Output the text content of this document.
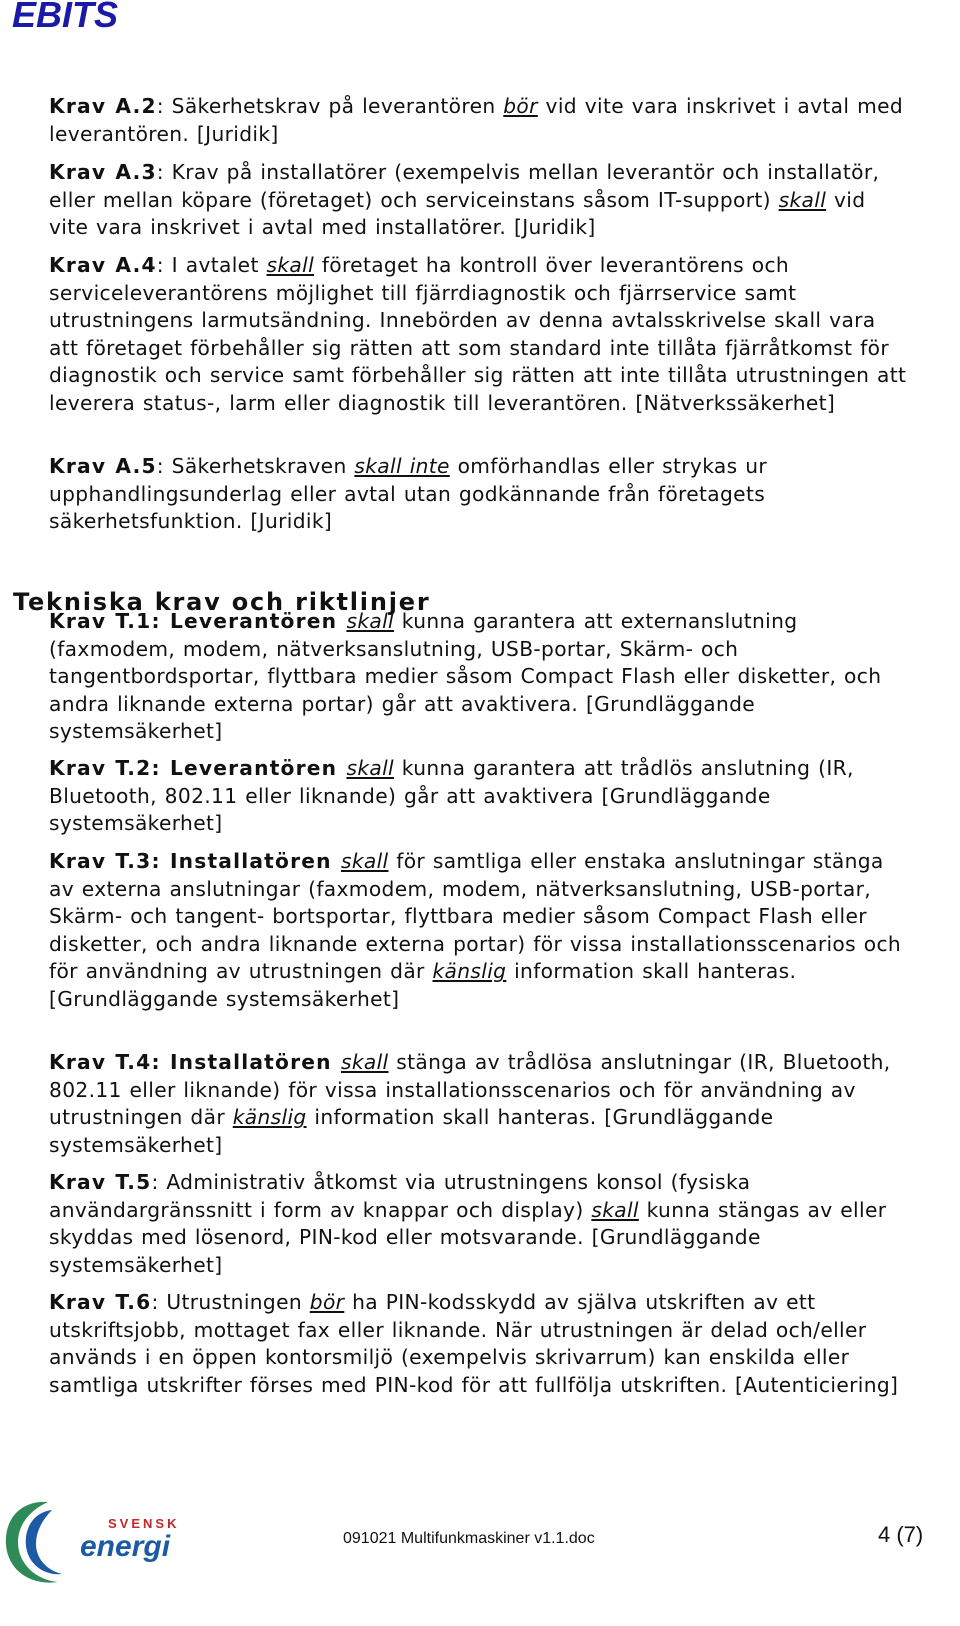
EBITS

Krav A.2: Säkerhetskrav på leverantören bör vid vite vara inskrivet i avtal med leverantören. [Juridik]

Krav A.3: Krav på installatörer (exempelvis mellan leverantör och installatör, eller mellan köpare (företaget) och serviceinstans såsom IT-support) skall vid vite vara inskrivet i avtal med installatörer. [Juridik]

Krav A.4: I avtalet skall företaget ha kontroll över leverantörens och serviceleverantörens möjlighet till fjärrdiagnostik och fjärrservice samt utrustningens larmutsändning. Innebörden av denna avtalsskrivelse skall vara att företaget förbehåller sig rätten att som standard inte tillåta fjärråtkomst för diagnostik och service samt förbehåller sig rätten att inte tillåta utrustningen att leverera status-, larm eller diagnostik till leverantören. [Nätverkssäkerhet]

Krav A.5: Säkerhetskraven skall inte omförhandlas eller strykas ur upphandlingsunderlag eller avtal utan godkännande från företagets säkerhetsfunktion. [Juridik]

Tekniska krav och riktlinjer

Krav T.1: Leverantören skall kunna garantera att externanslutning (faxmodem, modem, nätverksanslutning, USB-portar, Skärm- och tangentbordsportar, flyttbara medier såsom Compact Flash eller disketter, och andra liknande externa portar) går att avaktivera. [Grundläggande systemsäkerhet]

Krav T.2: Leverantören skall kunna garantera att trådlös anslutning (IR, Bluetooth, 802.11 eller liknande) går att avaktivera [Grundläggande systemsäkerhet]

Krav T.3: Installatören skall för samtliga eller enstaka anslutningar stänga av externa anslutningar (faxmodem, modem, nätverksanslutning, USB-portar, Skärm- och tangent- bortsportar, flyttbara medier såsom Compact Flash eller disketter, och andra liknande externa portar) för vissa installationsscenarios och för användning av utrustningen där känslig information skall hanteras. [Grundläggande systemsäkerhet]

Krav T.4: Installatören skall stänga av trådlösa anslutningar (IR, Bluetooth, 802.11 eller liknande) för vissa installationsscenarios och för användning av utrustningen där känslig information skall hanteras. [Grundläggande systemsäkerhet]

Krav T.5: Administrativ åtkomst via utrustningens konsol (fysiska användargränssnitt i form av knappar och display) skall kunna stängas av eller skyddas med lösenord, PIN-kod eller motsvarande. [Grundläggande systemsäkerhet]

Krav T.6: Utrustningen bör ha PIN-kodsskydd av själva utskriften av ett utskriftsjobb, mottaget fax eller liknande. När utrustningen är delad och/eller används i en öppen kontorsmiljö (exempelvis skrivarrum) kan enskilda eller samtliga utskrifter förses med PIN-kod för att fullfölja utskriften. [Autenticiering]

SVENSK
energi	091021 Multifunkmaskiner v1.1.doc	4 (7)
